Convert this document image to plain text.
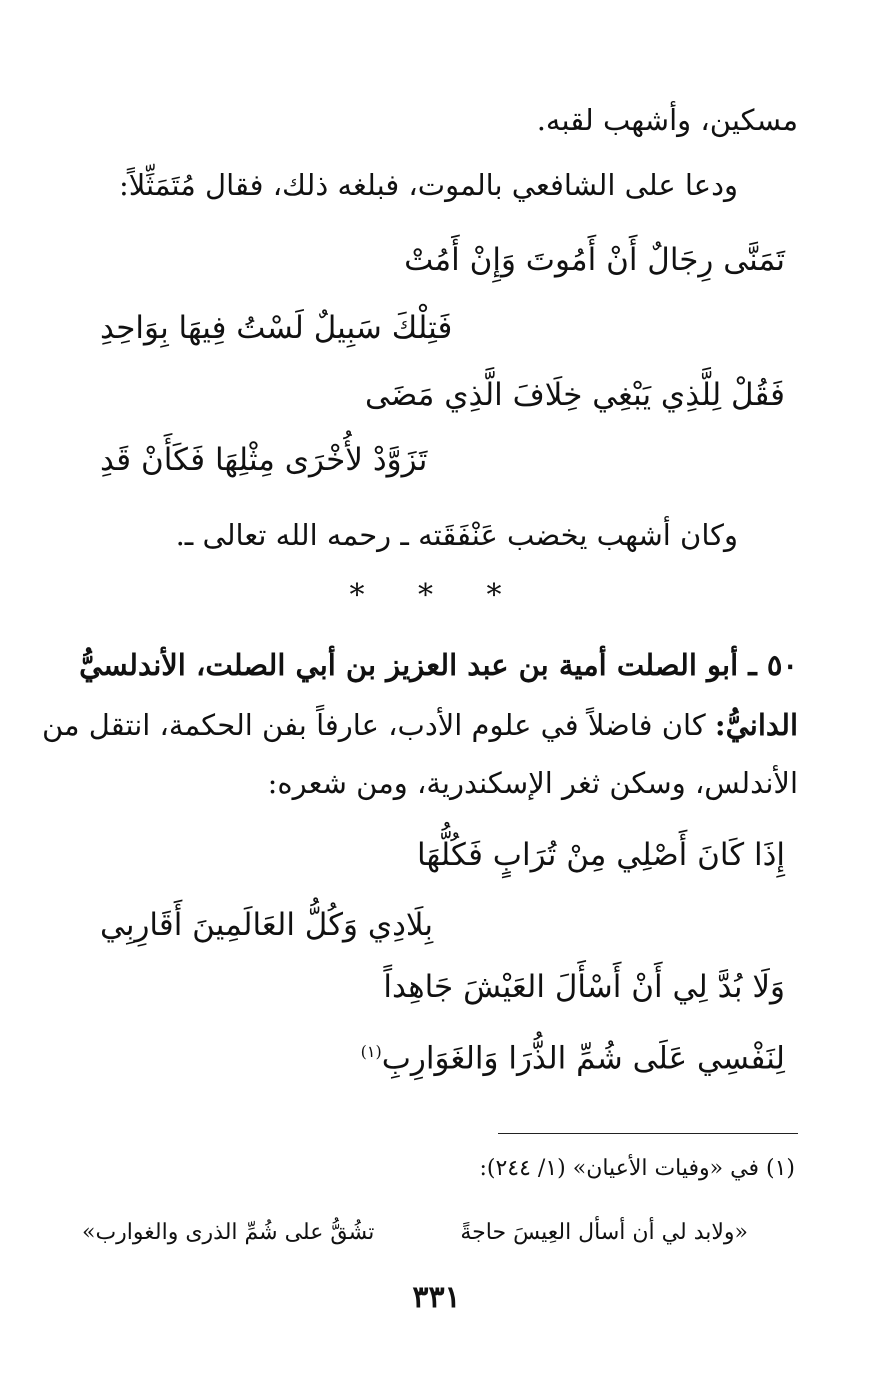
مسكين، وأشهب لقبه.
ودعا على الشافعي بالموت، فبلغه ذلك، فقال مُتَمَثِّلاً:
تَمَنَّى رِجَالٌ أَنْ أَمُوتَ وَإِنْ أَمُتْ
فَتِلْكَ سَبِيلٌ لَسْتُ فِيهَا بِوَاحِدِ
فَقُلْ لِلَّذِي يَبْغِي خِلَافَ الَّذِي مَضَى
تَزَوَّدْ لأُخْرَى مِثْلِهَا فَكَأَنْ قَدِ
وكان أشهب يخضب عَنْفَقَته ـ رحمه الله تعالى ـ.
* * *
٥٠ ـ أبو الصلت أمية بن عبد العزيز بن أبي الصلت، الأندلسيُّ
الدانيُّ: كان فاضلاً في علوم الأدب، عارفاً بفن الحكمة، انتقل من
الأندلس، وسكن ثغر الإسكندرية، ومن شعره:
إِذَا كَانَ أَصْلِي مِنْ تُرَابٍ فَكُلُّهَا
بِلَادِي وَكُلُّ العَالَمِينَ أَقَارِبِي
وَلَا بُدَّ لِي أَنْ أَسْأَلَ العَيْشَ جَاهِداً
لِنَفْسِي عَلَى شُمِّ الذُّرَا وَالغَوَارِبِ$^{(١)}$
(١) في «وفيات الأعيان» (١/ ٢٤٤):
«ولابد لي أن أسأل العِيسَ حاجةً
تشُقُّ على شُمِّ الذرى والغوارب»
٣٣١
